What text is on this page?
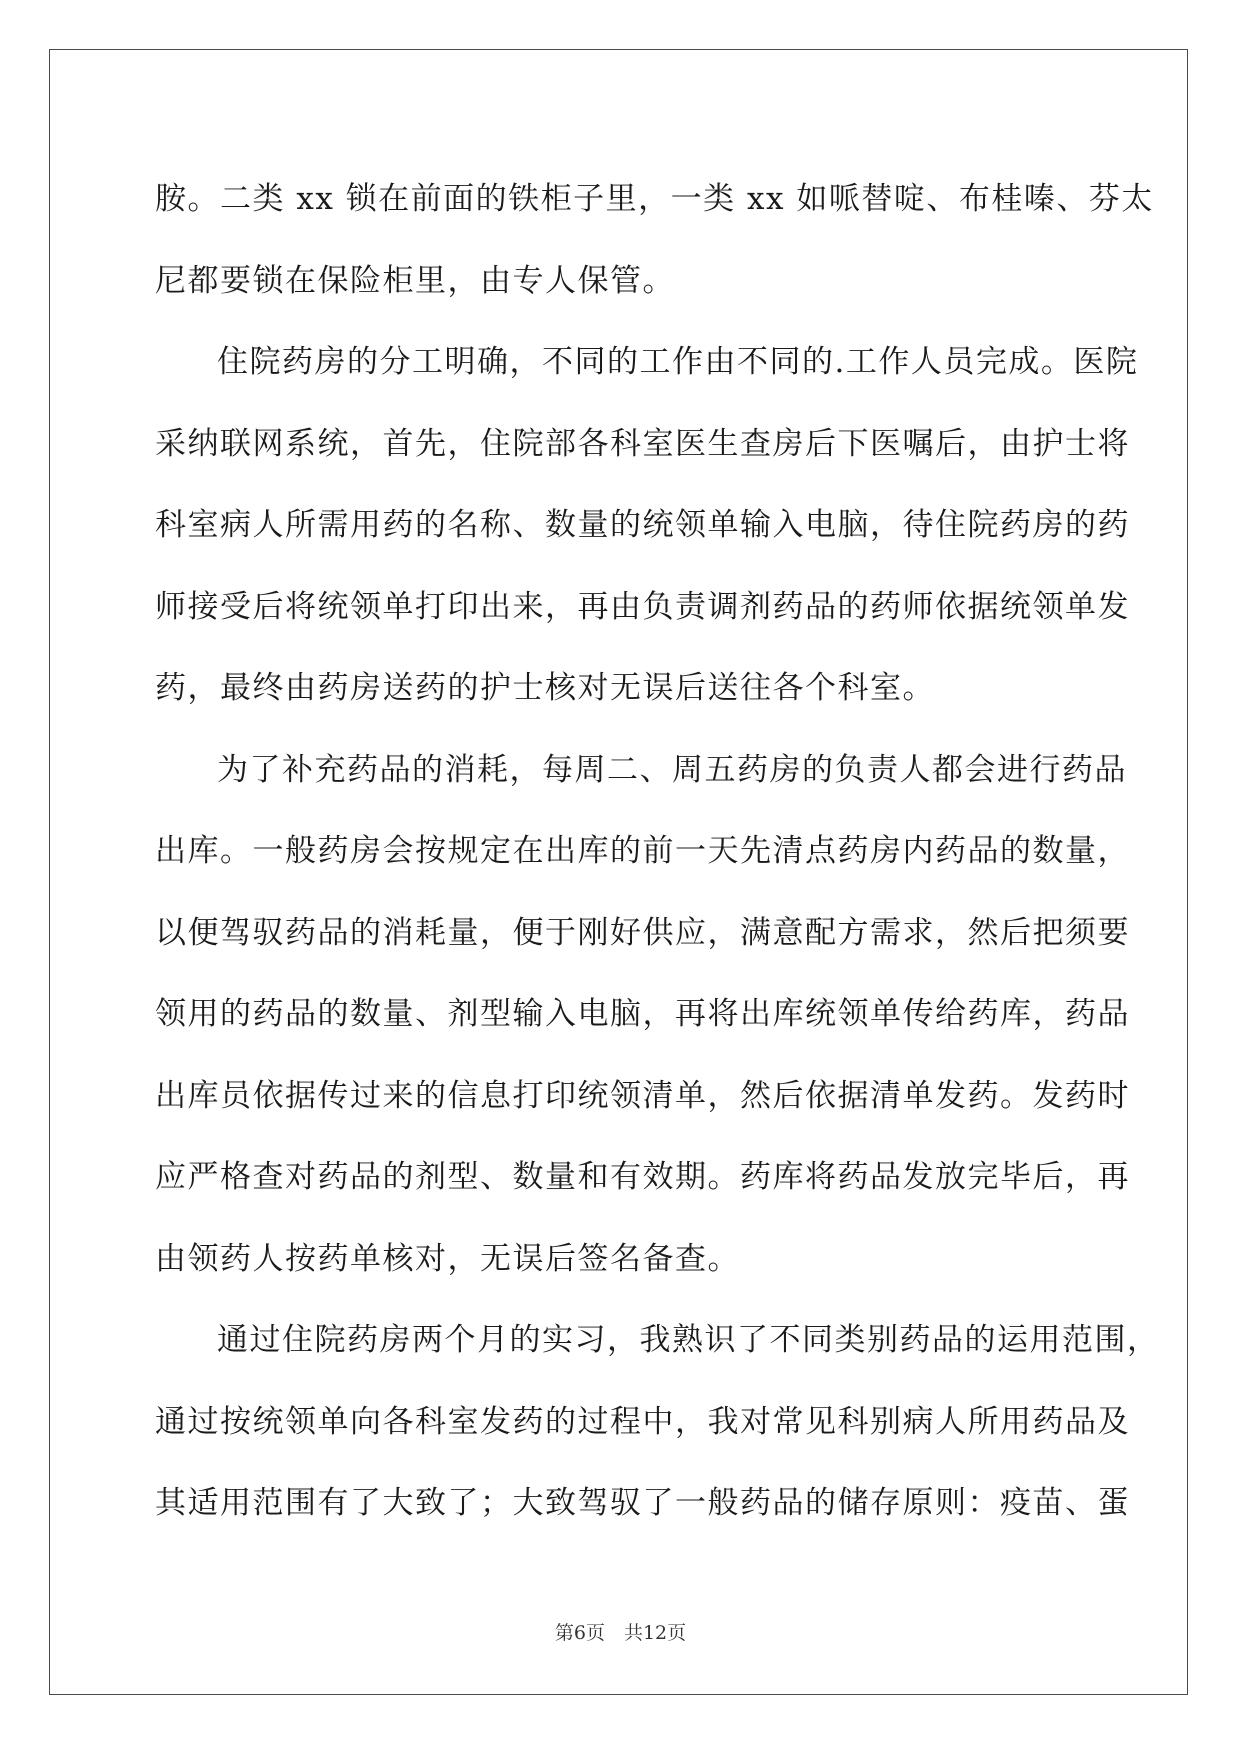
胺。二类 xx 锁在前面的铁柜子里，一类 xx 如哌替啶、布桂嗪、芬太
尼都要锁在保险柜里，由专人保管。
住院药房的分工明确，不同的工作由不同的.工作人员完成。医院
采纳联网系统，首先，住院部各科室医生查房后下医嘱后，由护士将
科室病人所需用药的名称、数量的统领单输入电脑，待住院药房的药
师接受后将统领单打印出来，再由负责调剂药品的药师依据统领单发
药，最终由药房送药的护士核对无误后送往各个科室。
为了补充药品的消耗，每周二、周五药房的负责人都会进行药品
出库。一般药房会按规定在出库的前一天先清点药房内药品的数量，
以便驾驭药品的消耗量，便于刚好供应，满意配方需求，然后把须要
领用的药品的数量、剂型输入电脑，再将出库统领单传给药库，药品
出库员依据传过来的信息打印统领清单，然后依据清单发药。发药时
应严格查对药品的剂型、数量和有效期。药库将药品发放完毕后，再
由领药人按药单核对，无误后签名备查。
通过住院药房两个月的实习，我熟识了不同类别药品的运用范围，
通过按统领单向各科室发药的过程中，我对常见科别病人所用药品及
其适用范围有了大致了；大致驾驭了一般药品的储存原则：疫苗、蛋
第6页　共12页
